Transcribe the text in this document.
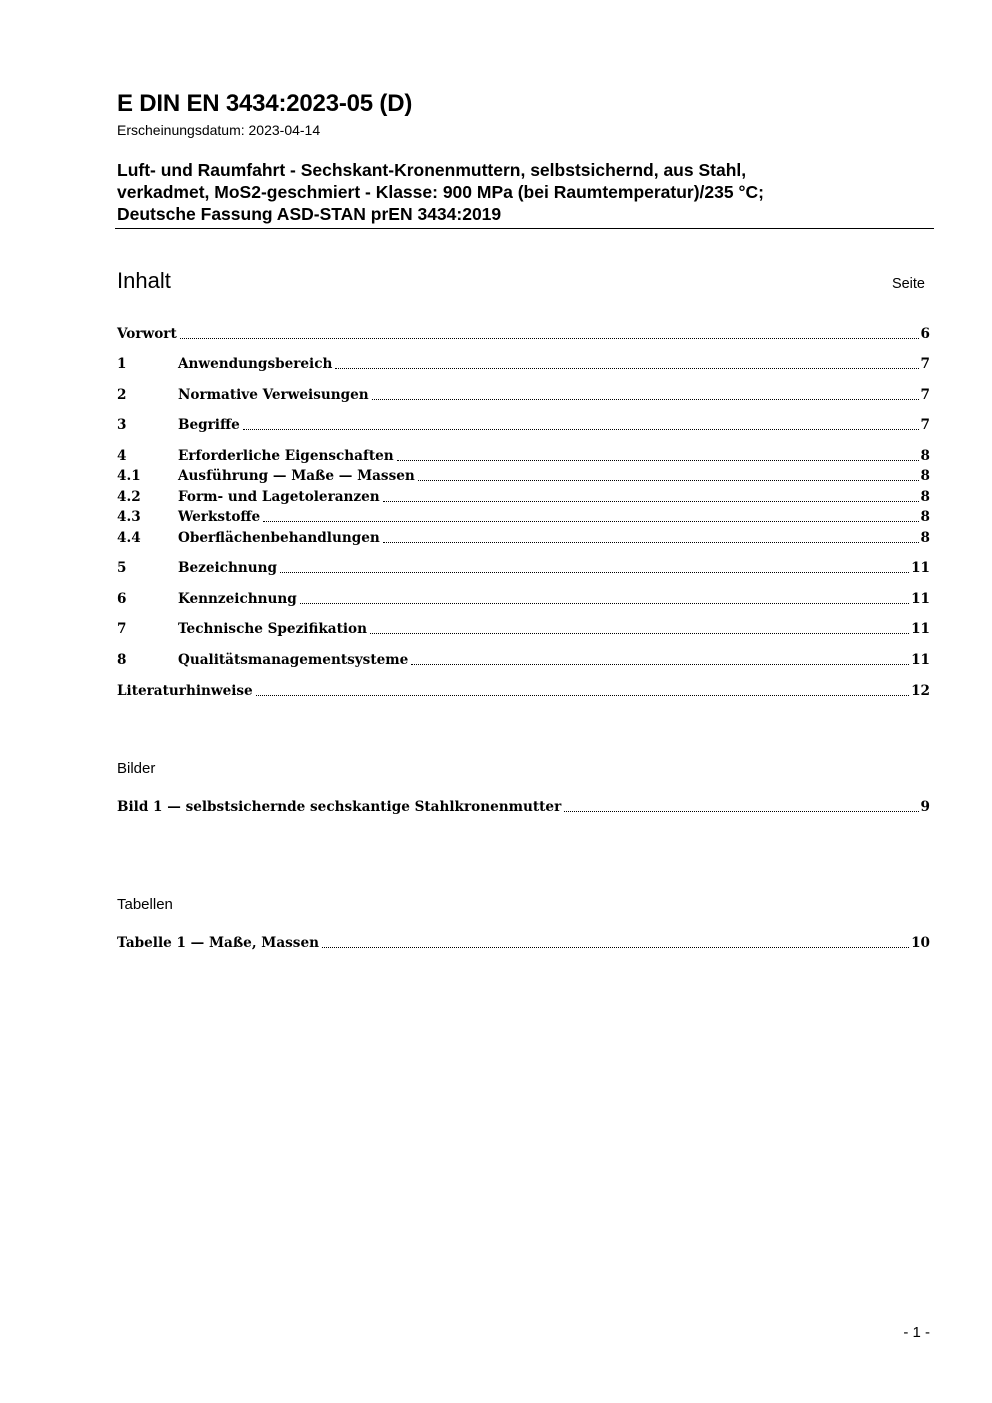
E DIN EN 3434:2023-05 (D)
Erscheinungsdatum: 2023-04-14
Luft- und Raumfahrt - Sechskant-Kronenmuttern, selbstsichernd, aus Stahl,
verkadmet, MoS2-geschmiert - Klasse: 900 MPa (bei Raumtemperatur)/235 °C;
Deutsche Fassung ASD-STAN prEN 3434:2019
Inhalt	Seite
Vorwort	6
1	Anwendungsbereich	7
2	Normative Verweisungen	7
3	Begriffe	7
4	Erforderliche Eigenschaften	8
4.1	Ausführung — Maße — Massen	8
4.2	Form- und Lagetoleranzen	8
4.3	Werkstoffe	8
4.4	Oberflächenbehandlungen	8
5	Bezeichnung	11
6	Kennzeichnung	11
7	Technische Spezifikation	11
8	Qualitätsmanagementsysteme	11
Literaturhinweise	12
Bilder
Bild 1 — selbstsichernde sechskantige Stahlkronenmutter	9
Tabellen
Tabelle 1 — Maße, Massen	10
- 1 -
